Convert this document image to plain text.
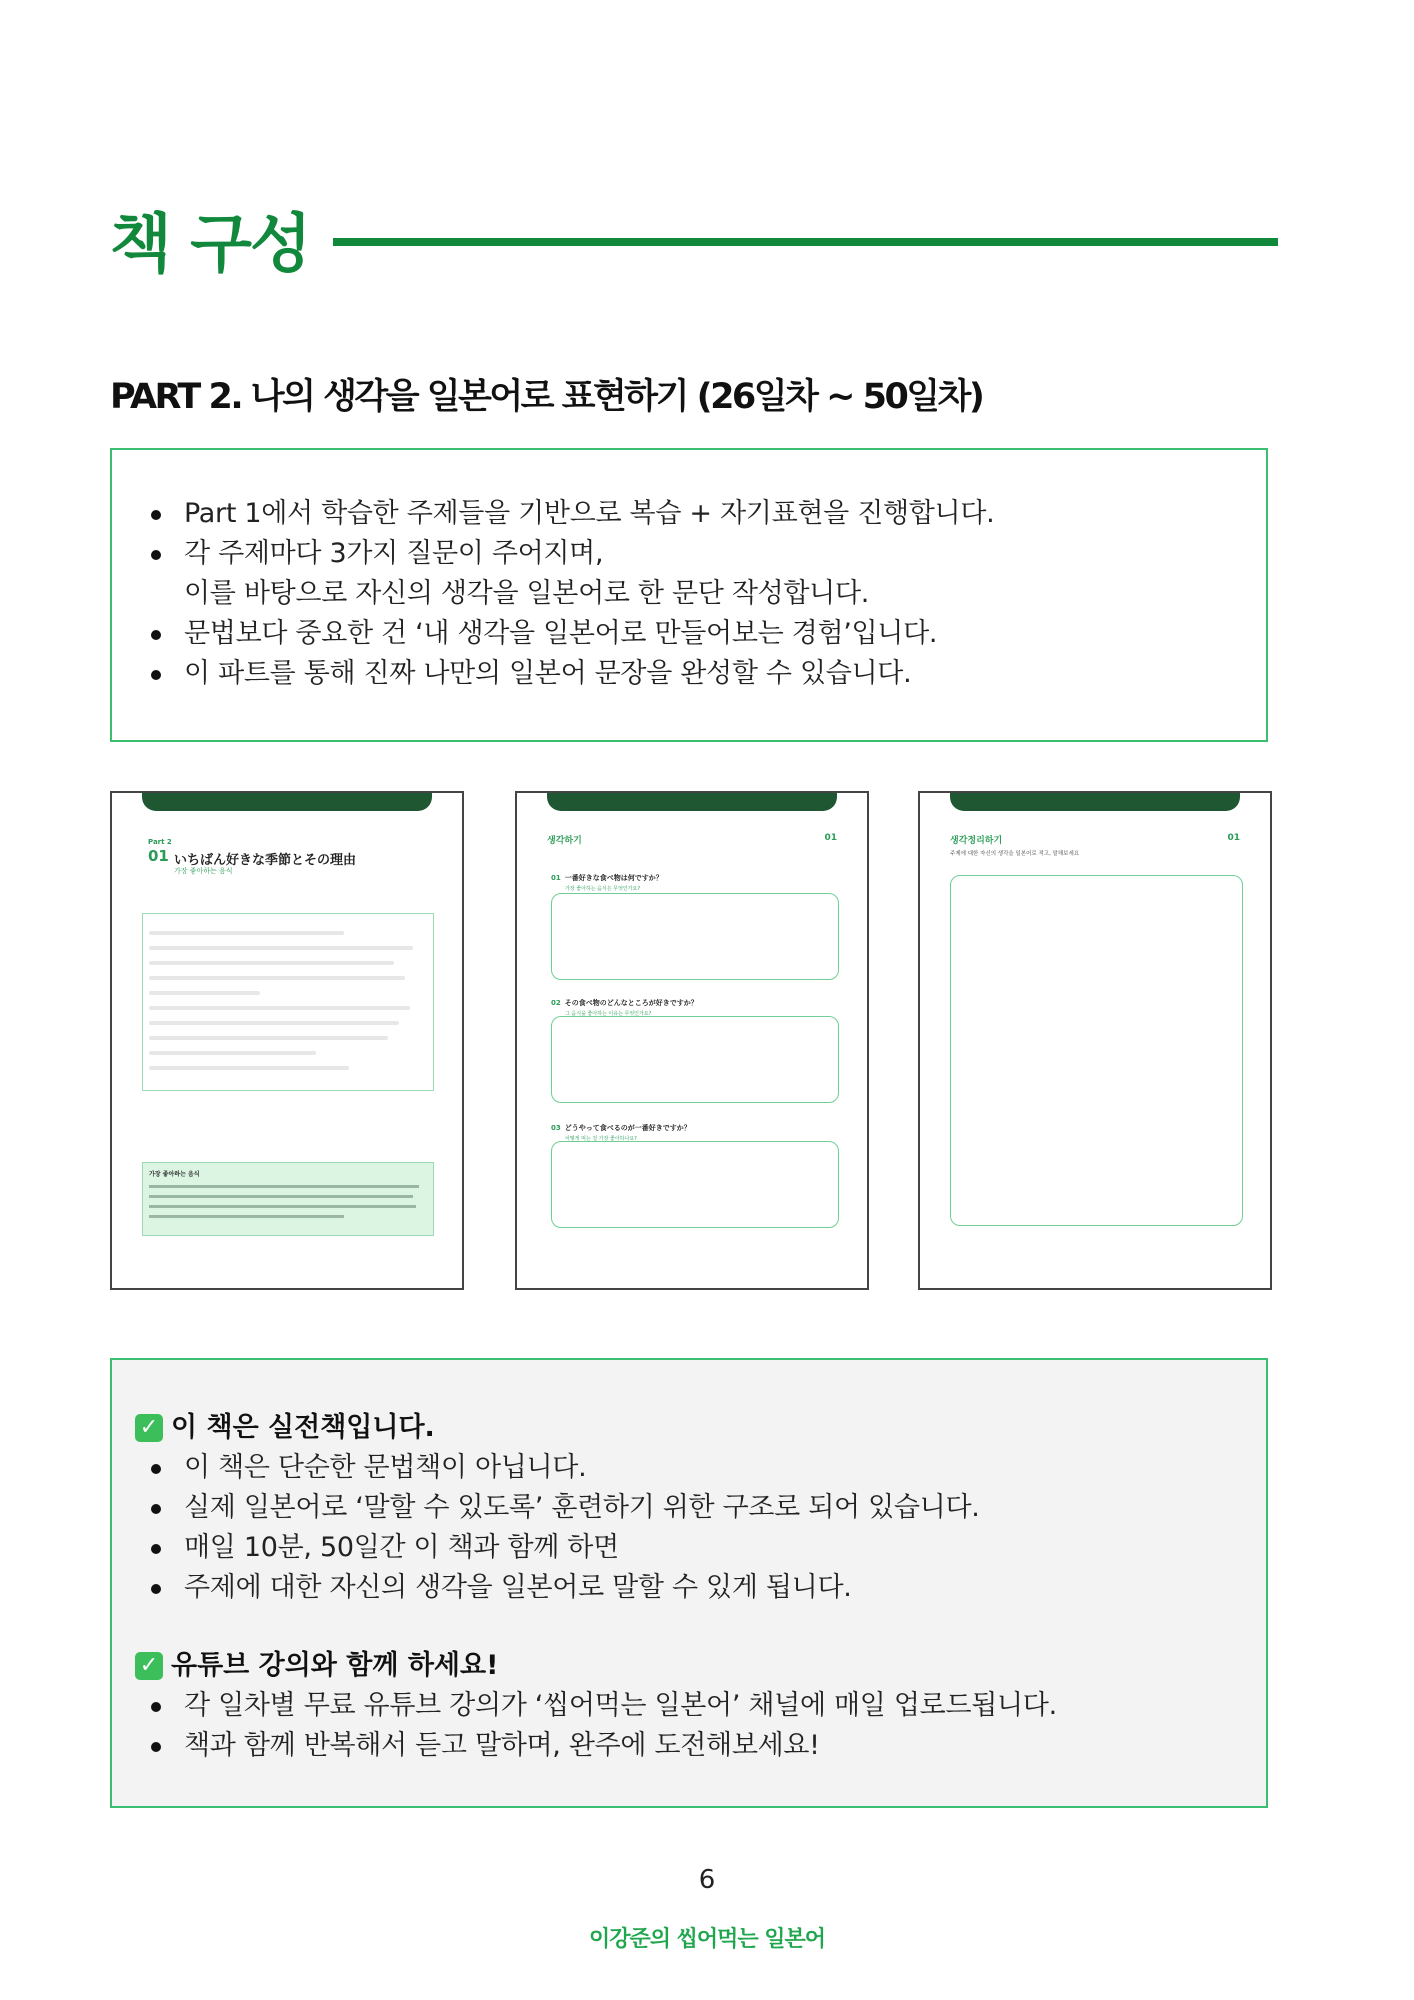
책 구성
PART 2. 나의 생각을 일본어로 표현하기 (26일차 ~ 50일차)
Part 1에서 학습한 주제들을 기반으로 복습 + 자기표현을 진행합니다.
각 주제마다 3가지 질문이 주어지며,
이를 바탕으로 자신의 생각을 일본어로 한 문단 작성합니다.
문법보다 중요한 건 ‘내 생각을 일본어로 만들어보는 경험’입니다.
이 파트를 통해 진짜 나만의 일본어 문장을 완성할 수 있습니다.
Part 2
01 いちばん好きな季節とその理由
가장 좋아하는 음식
가장 좋아하는 음식
생각하기	01
01 一番好きな食べ物は何ですか？
가장 좋아하는 음식은 무엇인가요?
02 その食べ物のどんなところが好きですか？
그 음식을 좋아하는 이유는 무엇인가요?
03 どうやって食べるのが一番好きですか？
어떻게 먹는 걸 가장 좋아하나요?
생각정리하기	01
주제에 대한 자신의 생각을 일본어로 적고, 말해보세요
✓ 이 책은 실전책입니다.
이 책은 단순한 문법책이 아닙니다.
실제 일본어로 ‘말할 수 있도록’ 훈련하기 위한 구조로 되어 있습니다.
매일 10분, 50일간 이 책과 함께 하면
주제에 대한 자신의 생각을 일본어로 말할 수 있게 됩니다.
✓ 유튜브 강의와 함께 하세요!
각 일차별 무료 유튜브 강의가 ‘씹어먹는 일본어’ 채널에 매일 업로드됩니다.
책과 함께 반복해서 듣고 말하며, 완주에 도전해보세요!
6
이강준의 씹어먹는 일본어
